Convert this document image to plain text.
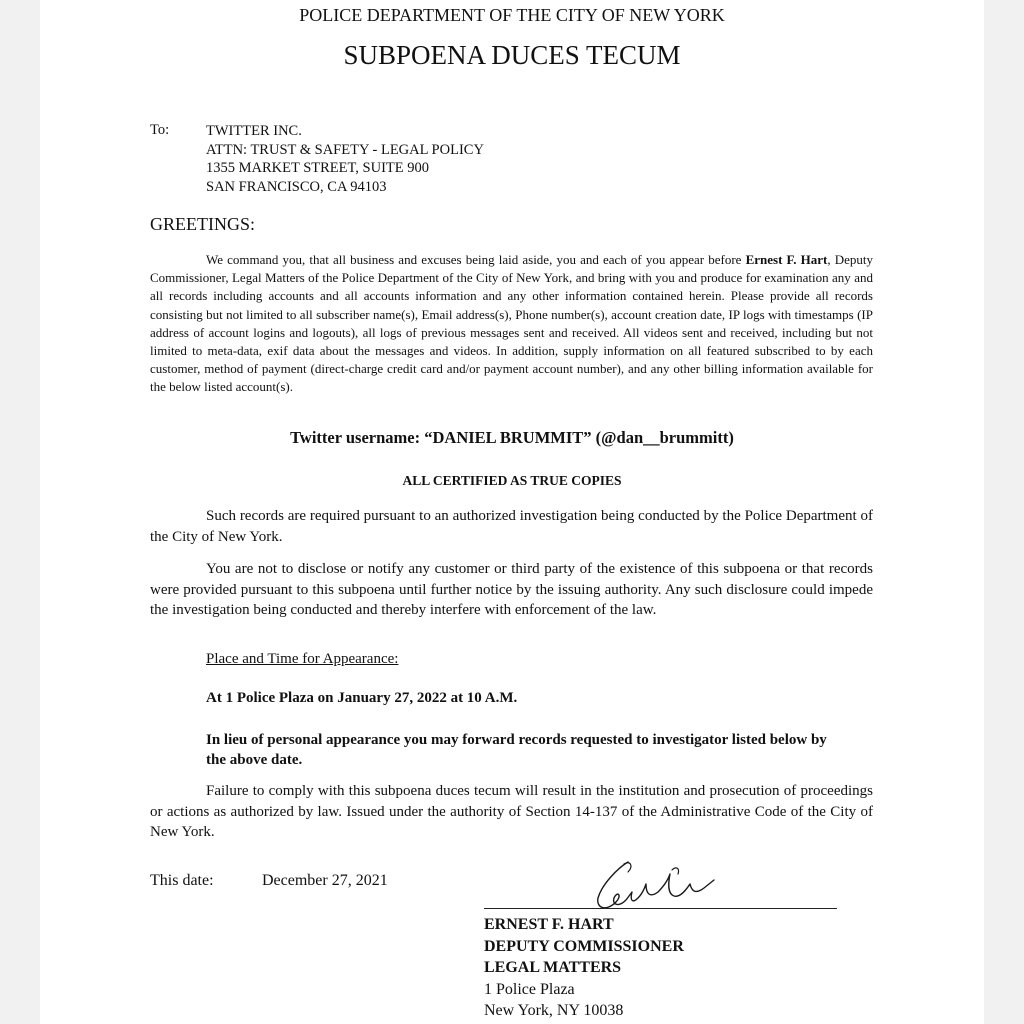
POLICE DEPARTMENT OF THE CITY OF NEW YORK
SUBPOENA DUCES TECUM
To:	TWITTER INC.
ATTN: TRUST & SAFETY - LEGAL POLICY
1355 MARKET STREET, SUITE 900
SAN FRANCISCO, CA 94103
GREETINGS:
We command you, that all business and excuses being laid aside, you and each of you appear before Ernest F. Hart, Deputy Commissioner, Legal Matters of the Police Department of the City of New York, and bring with you and produce for examination any and all records including accounts and all accounts information and any other information contained herein. Please provide all records consisting but not limited to all subscriber name(s), Email address(s), Phone number(s), account creation date, IP logs with timestamps (IP address of account logins and logouts), all logs of previous messages sent and received. All videos sent and received, including but not limited to meta-data, exif data about the messages and videos. In addition, supply information on all featured subscribed to by each customer, method of payment (direct-charge credit card and/or payment account number), and any other billing information available for the below listed account(s).
Twitter username: “DANIEL BRUMMIT” (@dan__brummitt)
ALL CERTIFIED AS TRUE COPIES
Such records are required pursuant to an authorized investigation being conducted by the Police Department of the City of New York.
You are not to disclose or notify any customer or third party of the existence of this subpoena or that records were provided pursuant to this subpoena until further notice by the issuing authority. Any such disclosure could impede the investigation being conducted and thereby interfere with enforcement of the law.
Place and Time for Appearance:
At 1 Police Plaza on January 27, 2022 at 10 A.M.
In lieu of personal appearance you may forward records requested to investigator listed below by the above date.
Failure to comply with this subpoena duces tecum will result in the institution and prosecution of proceedings or actions as authorized by law. Issued under the authority of Section 14-137 of the Administrative Code of the City of New York.
This date:	December 27, 2021
ERNEST F. HART
DEPUTY COMMISSIONER
LEGAL MATTERS
1 Police Plaza
New York, NY 10038
